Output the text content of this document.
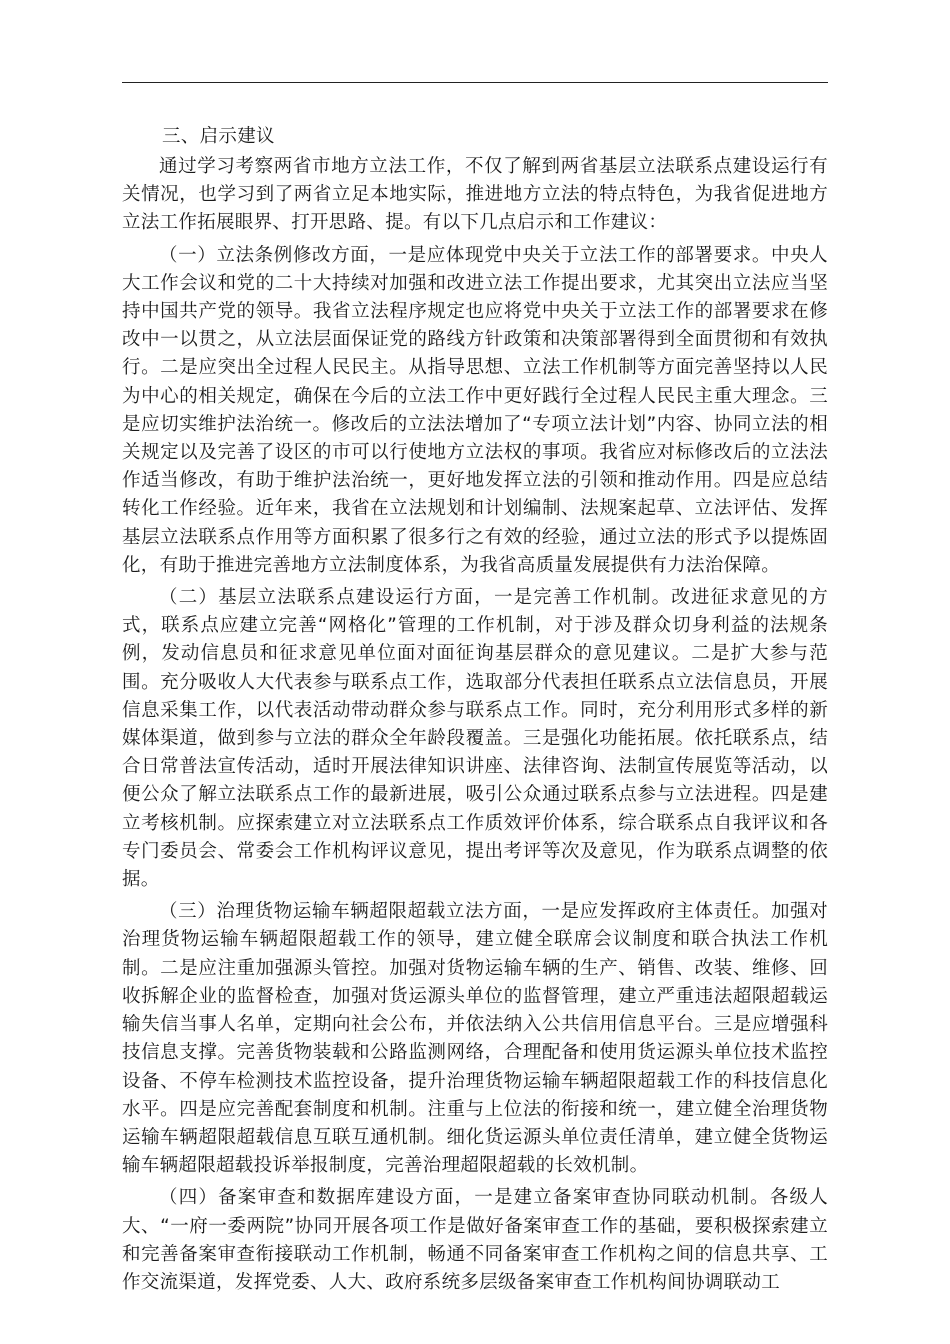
三、启示建议

通过学习考察两省市地方立法工作，不仅了解到两省基层立法联系点建设运行有关情况，也学习到了两省立足本地实际，推进地方立法的特点特色，为我省促进地方立法工作拓展眼界、打开思路、提。有以下几点启示和工作建议：

（一）立法条例修改方面，一是应体现党中央关于立法工作的部署要求。中央人大工作会议和党的二十大持续对加强和改进立法工作提出要求，尤其突出立法应当坚持中国共产党的领导。我省立法程序规定也应将党中央关于立法工作的部署要求在修改中一以贯之，从立法层面保证党的路线方针政策和决策部署得到全面贯彻和有效执行。二是应突出全过程人民民主。从指导思想、立法工作机制等方面完善坚持以人民为中心的相关规定，确保在今后的立法工作中更好践行全过程人民民主重大理念。三是应切实维护法治统一。修改后的立法法增加了“专项立法计划”内容、协同立法的相关规定以及完善了设区的市可以行使地方立法权的事项。我省应对标修改后的立法法作适当修改，有助于维护法治统一，更好地发挥立法的引领和推动作用。四是应总结转化工作经验。近年来，我省在立法规划和计划编制、法规案起草、立法评估、发挥基层立法联系点作用等方面积累了很多行之有效的经验，通过立法的形式予以提炼固化，有助于推进完善地方立法制度体系，为我省高质量发展提供有力法治保障。

（二）基层立法联系点建设运行方面，一是完善工作机制。改进征求意见的方式，联系点应建立完善“网格化”管理的工作机制，对于涉及群众切身利益的法规条例，发动信息员和征求意见单位面对面征询基层群众的意见建议。二是扩大参与范围。充分吸收人大代表参与联系点工作，选取部分代表担任联系点立法信息员，开展信息采集工作，以代表活动带动群众参与联系点工作。同时，充分利用形式多样的新媒体渠道，做到参与立法的群众全年龄段覆盖。三是强化功能拓展。依托联系点，结合日常普法宣传活动，适时开展法律知识讲座、法律咨询、法制宣传展览等活动，以便公众了解立法联系点工作的最新进展，吸引公众通过联系点参与立法进程。四是建立考核机制。应探索建立对立法联系点工作质效评价体系，综合联系点自我评议和各专门委员会、常委会工作机构评议意见，提出考评等次及意见，作为联系点调整的依据。

（三）治理货物运输车辆超限超载立法方面，一是应发挥政府主体责任。加强对治理货物运输车辆超限超载工作的领导，建立健全联席会议制度和联合执法工作机制。二是应注重加强源头管控。加强对货物运输车辆的生产、销售、改装、维修、回收拆解企业的监督检查，加强对货运源头单位的监督管理，建立严重违法超限超载运输失信当事人名单，定期向社会公布，并依法纳入公共信用信息平台。三是应增强科技信息支撑。完善货物装载和公路监测网络，合理配备和使用货运源头单位技术监控设备、不停车检测技术监控设备，提升治理货物运输车辆超限超载工作的科技信息化水平。四是应完善配套制度和机制。注重与上位法的衔接和统一，建立健全治理货物运输车辆超限超载信息互联互通机制。细化货运源头单位责任清单，建立健全货物运输车辆超限超载投诉举报制度，完善治理超限超载的长效机制。

（四）备案审查和数据库建设方面，一是建立备案审查协同联动机制。各级人大、“一府一委两院”协同开展各项工作是做好备案审查工作的基础，要积极探索建立和完善备案审查衔接联动工作机制，畅通不同备案审查工作机构之间的信息共享、工作交流渠道，发挥党委、人大、政府系统多层级备案审查工作机构间协调联动工
